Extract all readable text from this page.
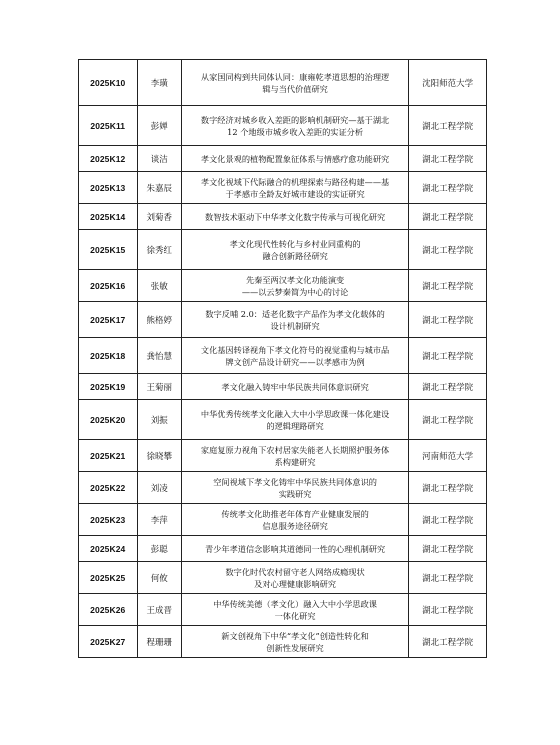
2025K10	李璜	从家国同构到共同体认同：康雍乾孝道思想的治理逻
辑与当代价值研究	沈阳师范大学
2025K11	彭婵	数字经济对城乡收入差距的影响机制研究—基于湖北
12 个地级市城乡收入差距的实证分析	湖北工程学院
2025K12	谈洁	孝文化景观的植物配置象征体系与情感疗愈功能研究	湖北工程学院
2025K13	朱嘉辰	孝文化视域下代际融合的机理探索与路径构建——基
于孝感市全龄友好城市建设的实证研究	湖北工程学院
2025K14	刘菊香	数智技术驱动下中华孝文化数字传承与可视化研究	湖北工程学院
2025K15	徐秀红	孝文化现代性转化与乡村业同重构的
融合创新路径研究	湖北工程学院
2025K16	张敏	先秦至两汉孝文化功能演变
——以云梦秦简为中心的讨论	湖北工程学院
2025K17	熊格婷	数字反哺 2.0：适老化数字产品作为孝文化载体的
设计机制研究	湖北工程学院
2025K18	龚怡慧	文化基因转译视角下孝文化符号的视觉重构与城市品
牌文创产品设计研究——以孝感市为例	湖北工程学院
2025K19	王菊丽	孝文化融入铸牢中华民族共同体意识研究	湖北工程学院
2025K20	刘振	中华优秀传统孝文化融入大中小学思政课一体化建设
的逻辑理路研究	湖北工程学院
2025K21	徐晓攀	家庭复原力视角下农村居家失能老人长期照护服务体
系构建研究	河南师范大学
2025K22	刘凌	空间视域下孝文化铸牢中华民族共同体意识的
实践研究	湖北工程学院
2025K23	李萍	传统孝文化助推老年体育产业健康发展的
信息服务途径研究	湖北工程学院
2025K24	彭聪	青少年孝道信念影响其道德同一性的心理机制研究	湖北工程学院
2025K25	何攸	数字化时代农村留守老人网络成瘾现状
及对心理健康影响研究	湖北工程学院
2025K26	王成晋	中华传统美德（孝文化）融入大中小学思政课
一体化研究	湖北工程学院
2025K27	程珊珊	新文创视角下中华“孝文化”创造性转化和
创新性发展研究	湖北工程学院
